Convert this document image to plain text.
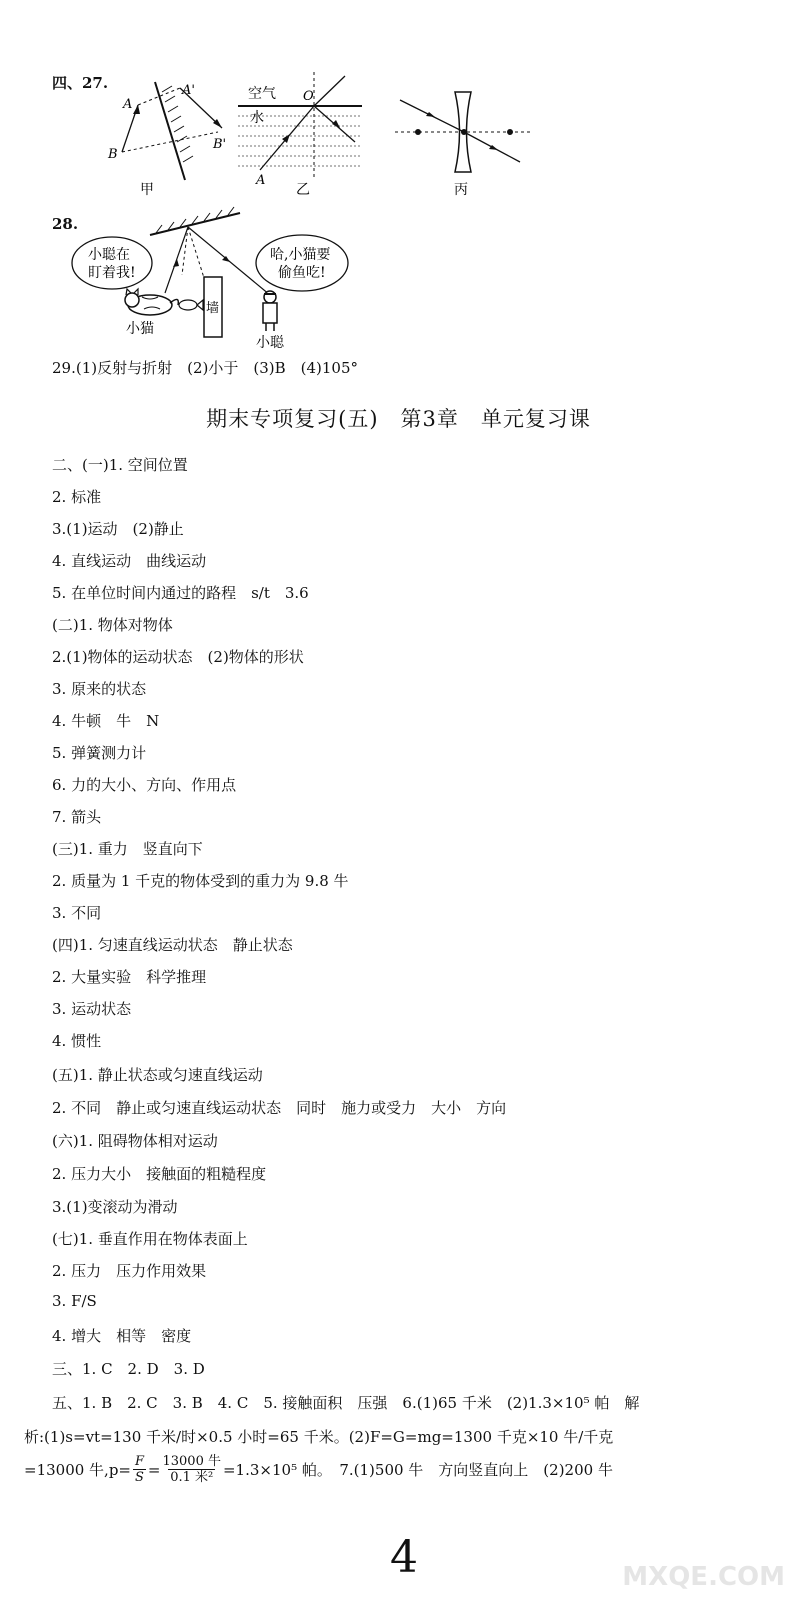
四、27.
A
A'
B
B'
甲
空气
水
O
A
乙	丙
28.
墙
小聪在
盯着我!
哈,小猫要
偷鱼吃!
小猫
小聪
29.(1)反射与折射　(2)小于　(3)B　(4)105°
期末专项复习(五)　第3章　单元复习课
二、(一)1. 空间位置
2. 标准
3.(1)运动　(2)静止
4. 直线运动　曲线运动
5. 在单位时间内通过的路程　s/t　3.6
(二)1. 物体对物体
2.(1)物体的运动状态　(2)物体的形状
3. 原来的状态
4. 牛顿　牛　N
5. 弹簧测力计
6. 力的大小、方向、作用点
7. 箭头
(三)1. 重力　竖直向下
2. 质量为 1 千克的物体受到的重力为 9.8 牛
3. 不同
(四)1. 匀速直线运动状态　静止状态
2. 大量实验　科学推理
3. 运动状态
4. 惯性
(五)1. 静止状态或匀速直线运动
2. 不同　静止或匀速直线运动状态　同时　施力或受力　大小　方向
(六)1. 阻碍物体相对运动
2. 压力大小　接触面的粗糙程度
3.(1)变滚动为滑动
(七)1. 垂直作用在物体表面上
2. 压力　压力作用效果
3. F/S
4. 增大　相等　密度
三、1. C　2. D　3. D
五、1. B　2. C　3. B　4. C　5. 接触面积　压强　6.(1)65 千米　(2)1.3×10⁵ 帕　解
析:(1)s=vt=130 千米/时×0.5 小时=65 千米。(2)F=G=mg=1300 千克×10 牛/千克
=13000 牛$,p= \frac{F}{S} = 13000$ 牛
0.1 米² =1.3×10⁵ 帕。　7.(1)500 牛　方向竖直向上　(2)200 牛
4	MXQE.COM
